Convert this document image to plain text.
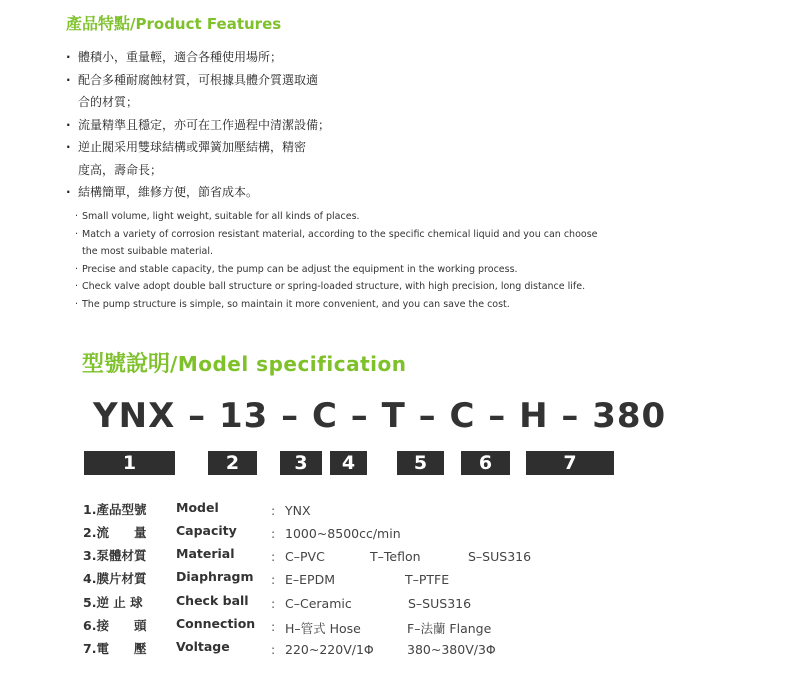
產品特點/Product Features
· 體積小，重量輕，適合各種使用場所；
· 配合多種耐腐蝕材質，可根據具體介質選取適
合的材質；
· 流量精準且穩定，亦可在工作過程中清潔設備；
· 逆止閥采用雙球結構或彈簧加壓結構，精密
度高，壽命長；
· 結構簡單，維修方便，節省成本。
· Small volume, light weight, suitable for all kinds of places.
· Match a variety of corrosion resistant material, according to the specific chemical liquid and you can choose
the most suibable material.
· Precise and stable capacity, the pump can be adjust the equipment in the working process.
· Check valve adopt double ball structure or spring-loaded structure, with high precision, long distance life.
· The pump structure is simple, so maintain it more convenient, and you can save the cost.
型號說明/Model specification
YNX – 13 – C – T – C – H – 380
1	2	3	4	5	6	7
1.產品型號 Model	: YNX
2.流　　量 Capacity	: 1000~8500cc/min
3.泵體材質 Material	: C–PVC	T–Teflon	S–SUS316
4.膜片材質 Diaphragm : E–EPDM	T–PTFE
5.逆 止 球	Check ball : C–Ceramic	S–SUS316
6.接　　頭 Connection : H–管式 Hose	F–法蘭 Flange
7.電　　壓 Voltage	: 220~220V/1Φ	380~380V/3Φ
